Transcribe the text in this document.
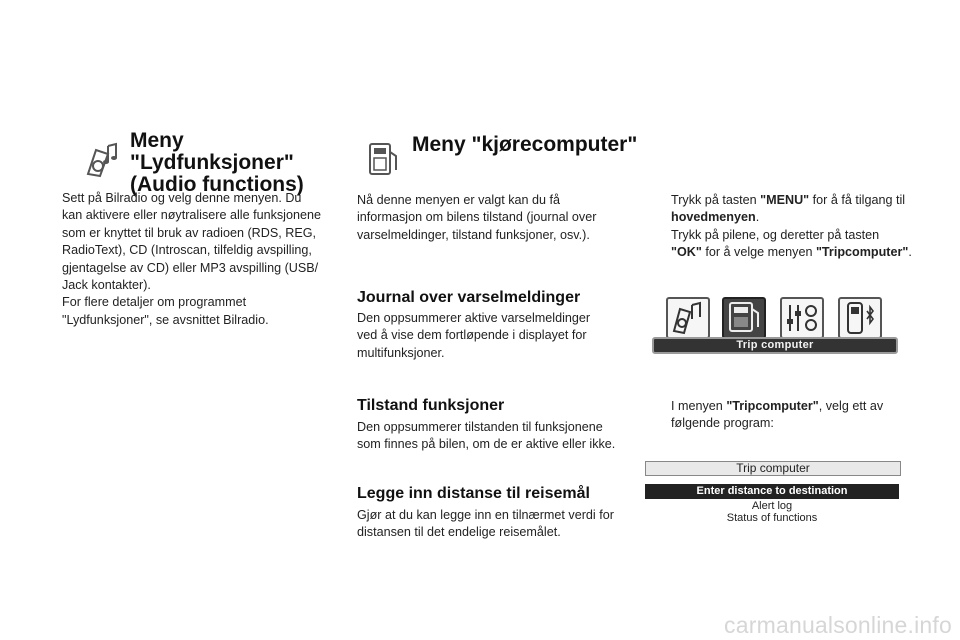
Meny "Lydfunksjoner"
(Audio functions)
Sett på Bilradio og velg denne menyen. Du
kan aktivere eller nøytralisere alle funksjonene
som er knyttet til bruk av radioen (RDS, REG,
RadioText), CD (Introscan, tilfeldig avspilling,
gjentagelse av CD) eller MP3 avspilling (USB/
Jack kontakter).
For flere detaljer om programmet
"Lydfunksjoner", se avsnittet Bilradio.
Meny "kjørecomputer"
Nå denne menyen er valgt kan du få
informasjon om bilens tilstand (journal over
varselmeldinger, tilstand funksjoner, osv.).
Journal over varselmeldinger
Den oppsummerer aktive varselmeldinger
ved å vise dem fortløpende i displayet for
multifunksjoner.
Tilstand funksjoner
Den oppsummerer tilstanden til funksjonene
som finnes på bilen, om de er aktive eller ikke.
Legge inn distanse til reisemål
Gjør at du kan legge inn en tilnærmet verdi for
distansen til det endelige reisemålet.
Trykk på tasten "MENU" for å få tilgang til hovedmenyen.
Trykk på pilene, og deretter på tasten
"OK" for å velge menyen "Tripcomputer".
Trip computer
I menyen "Tripcomputer", velg ett av
følgende program:
Trip computer
Enter distance to destination
Alert log
Status of functions
carmanualsonline.info
